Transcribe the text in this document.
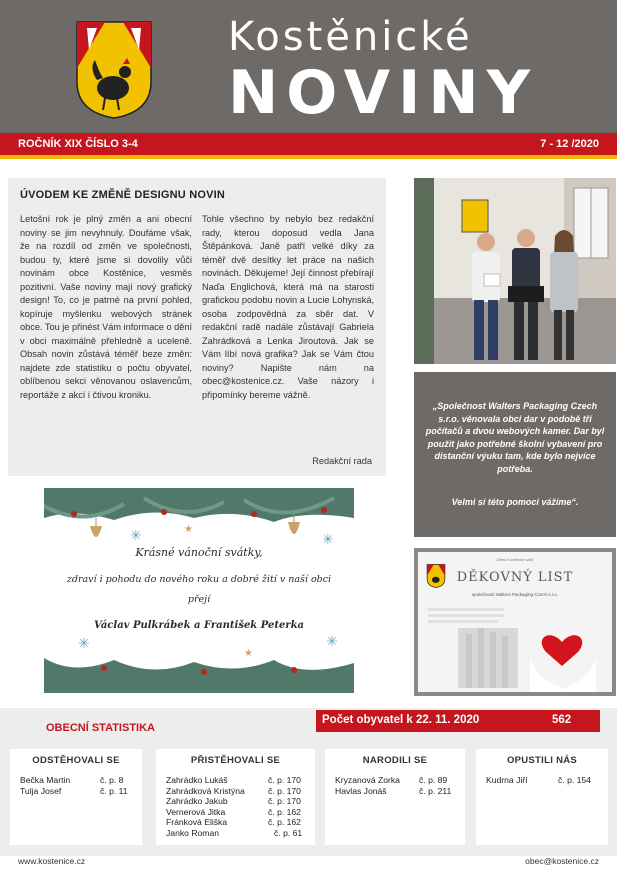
Kostěnické
NOVINY
ROČNÍK XIX ČÍSLO 3-4	7 - 12 /2020
ÚVODEM KE ZMĚNĚ DESIGNU NOVIN
Letošní rok je plný změn a ani obecní noviny se jim nevyhnuly. Doufáme však, že na rozdíl od změn ve společnosti, budou ty, které jsme si dovolily vůči novinám obce Kostěnice, vesměs pozitivní. Vaše noviny mají nový grafický design! To, co je patrné na první pohled, kopíruje myšlenku webových stránek obce. Tou je přinést Vám informace o dění v obci maximálně přehledně a uceleně. Obsah novin zůstává téměř beze změn: najdete zde statistiku o počtu obyvatel, oblíbenou sekci věnovanou oslavencům, reportáže z akcí i čtivou kroniku.
Tohle všechno by nebylo bez redakční rady, kterou doposud vedla Jana Štěpánková. Janě patří velké díky za téměř dvě desítky let práce na našich novinách. Děkujeme! Její činnost přebírají Naďa Englichová, která má na starosti grafickou podobu novin a Lucie Lohynská, osoba zodpovědná za sběr dat. V redakční radě nadále zůstávají Gabriela Zahrádková a Lenka Jiroutová. Jak se Vám líbí nová grafika? Jak se Vám čtou noviny? Napište nám na obec@kostenice.cz. Vaše názory i připomínky bereme vážně.
Redakční rada
„Společnost Walters Packaging Czech s.r.o. věnovala obci dar v podobě tří počítačů a dvou webových kamer. Dar byl použit jako potřebné školní vybavení pro distanční výuku tam, kde bylo nejvíce potřeba.
Velmi si této pomoci vážíme“.
Obec Kostěnice udílí
DĚKOVNÝ LIST
společnosti Walters Packaging Czech s.r.o.
✳	✳
★
✳	✳
★
Krásné vánoční svátky,
zdraví i pohodu do nového roku a dobré žití v naší obci
přejí
Václav Pulkrábek a František Peterka
OBECNÍ STATISTIKA
Počet obyvatel k 22. 11. 2020	562
ODSTĚHOVALI SE
Bečka Martin	č. p. 8
Tulja Josef	č. p. 11
PŘISTĚHOVALI SE
Zahrádko Lukáš	č. p. 170
Zahrádková Kristýna	č. p. 170
Zahrádko Jakub	č. p. 170
Vernerová Jitka	č. p. 162
Fránková Eliška	č. p. 162
Janko Roman	č. p. 61
NARODILI SE
Kryzanová Zorka č. p. 89
Havlas Jonáš	č. p. 211
OPUSTILI NÁS
Kudrna Jiří	č. p. 154
www.kostenice.cz	obec@kostenice.cz
